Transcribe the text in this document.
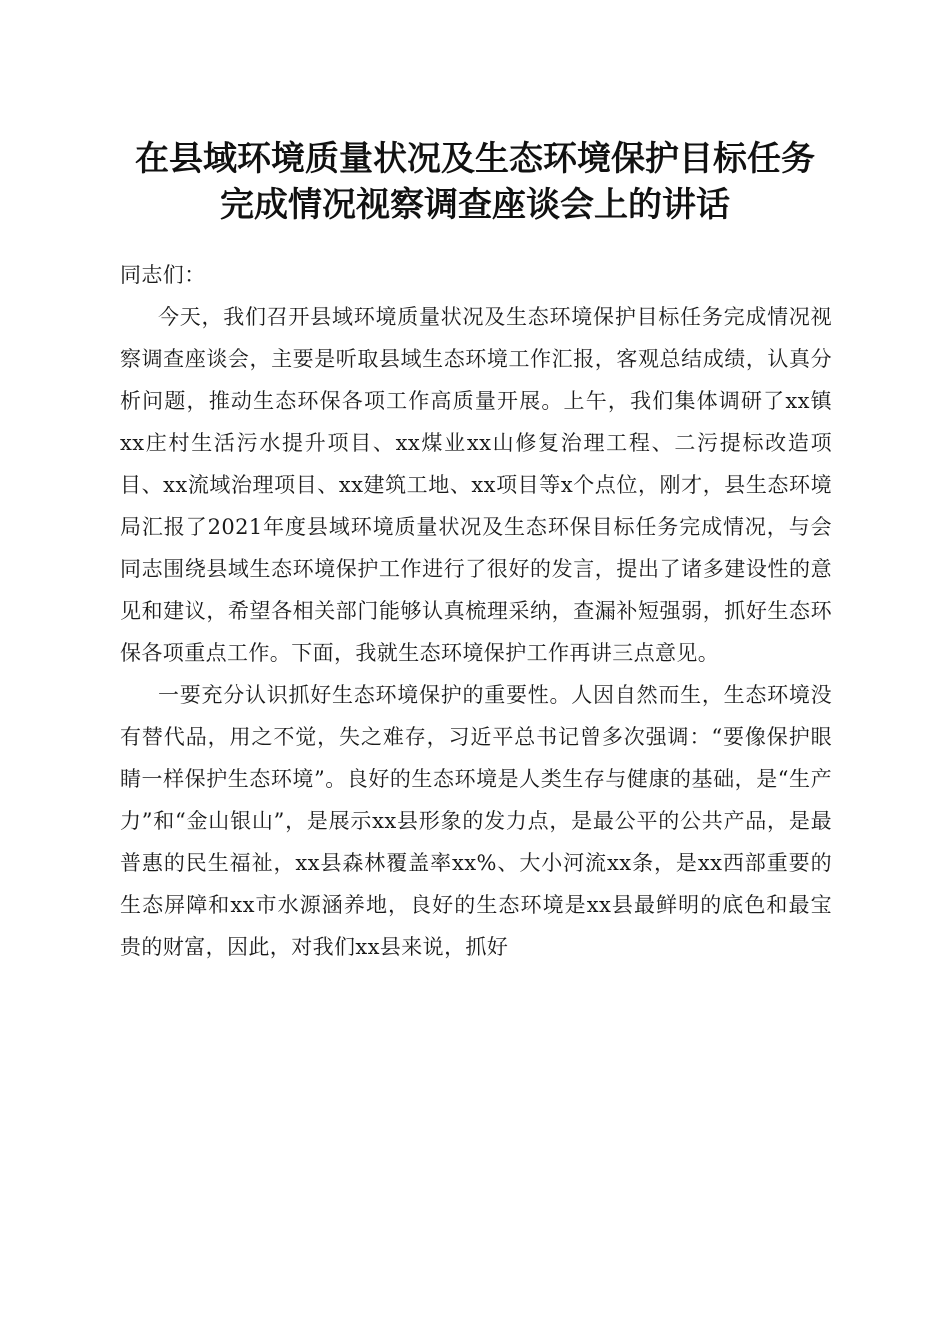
在县域环境质量状况及生态环境保护目标任务
完成情况视察调查座谈会上的讲话

同志们：

今天，我们召开县域环境质量状况及生态环境保护目标任务完成情况视察调查座谈会，主要是听取县域生态环境工作汇报，客观总结成绩，认真分析问题，推动生态环保各项工作高质量开展。上午，我们集体调研了xx镇xx庄村生活污水提升项目、xx煤业xx山修复治理工程、二污提标改造项目、xx流域治理项目、xx建筑工地、xx项目等x个点位，刚才，县生态环境局汇报了2021年度县域环境质量状况及生态环保目标任务完成情况，与会同志围绕县域生态环境保护工作进行了很好的发言，提出了诸多建设性的意见和建议，希望各相关部门能够认真梳理采纳，查漏补短强弱，抓好生态环保各项重点工作。下面，我就生态环境保护工作再讲三点意见。

一要充分认识抓好生态环境保护的重要性。人因自然而生，生态环境没有替代品，用之不觉，失之难存，习近平总书记曾多次强调：“要像保护眼睛一样保护生态环境”。良好的生态环境是人类生存与健康的基础，是“生产力”和“金山银山”，是展示xx县形象的发力点，是最公平的公共产品，是最普惠的民生福祉，xx县森林覆盖率xx%、大小河流xx条，是xx西部重要的生态屏障和xx市水源涵养地，良好的生态环境是xx县最鲜明的底色和最宝贵的财富，因此，对我们xx县来说，抓好
